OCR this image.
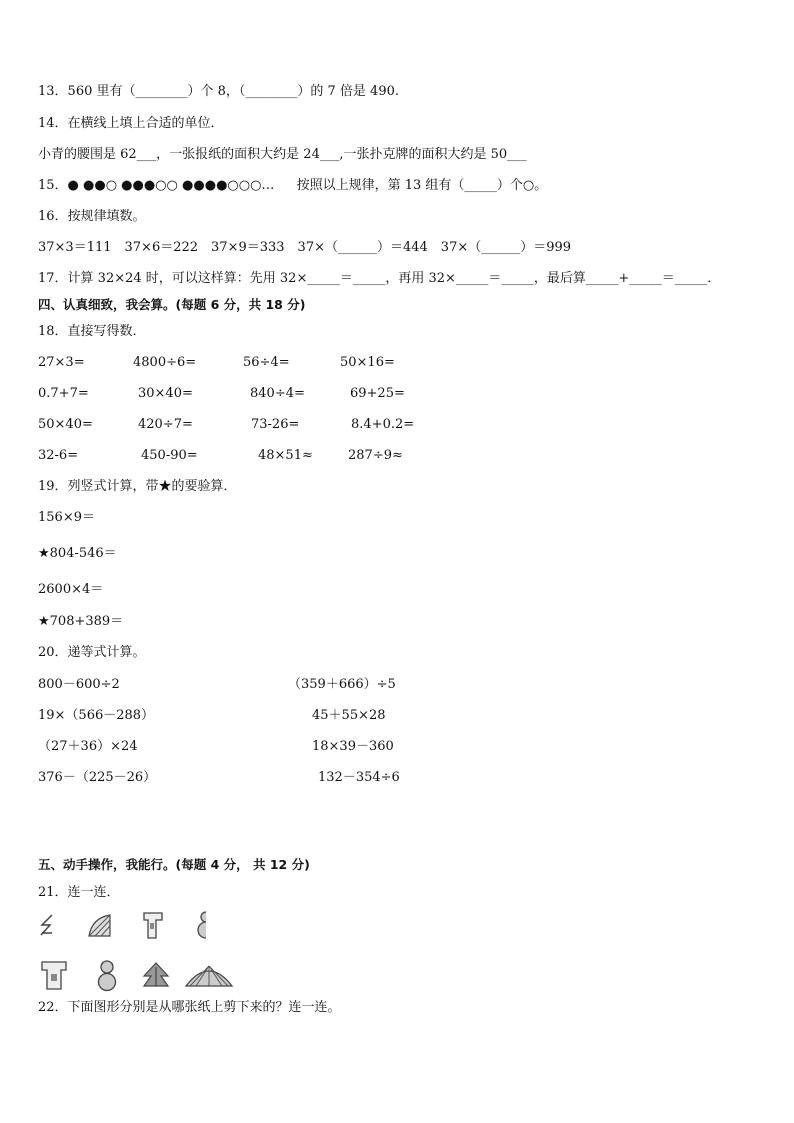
13．560 里有（________）个 8，（________）的 7 倍是 490.
14．在横线上填上合适的单位．
小青的腰围是 62___，一张报纸的面积大约是 24___,一张扑克牌的面积大约是 50___
15．● ●●○ ●●●○○ ●●●●○○○… 按照以上规律，第 13 组有（_____）个○。
16．按规律填数。
37×3＝111　37×6＝222　37×9＝333　37×（______）＝444　37×（______）＝999
17．计算 32×24 时，可以这样算：先用 32×_____＝_____，再用 32×_____＝_____，最后算_____+_____＝_____．
四、认真细致，我会算。(每题 6 分，共 18 分)
18．直接写得数．
27×3=	4800÷6=	56÷4=	50×16=
0.7+7=	30×40=	840÷4=	69+25=
50×40=	420÷7=	73-26=	8.4+0.2=
32-6=	450-90=	48×51≈	287÷9≈
19．列竖式计算，带★的要验算．
156×9＝
★804-546＝
2600×4＝
★708+389＝
20．递等式计算。
800－600÷2	（359＋666）÷5
19×（566－288）	45＋55×28
（27＋36）×24	18×39－360
376－（225－26）	132－354÷6
五、动手操作，我能行。(每题 4 分， 共 12 分)
21．连一连．
22．下面图形分别是从哪张纸上剪下来的？连一连。
